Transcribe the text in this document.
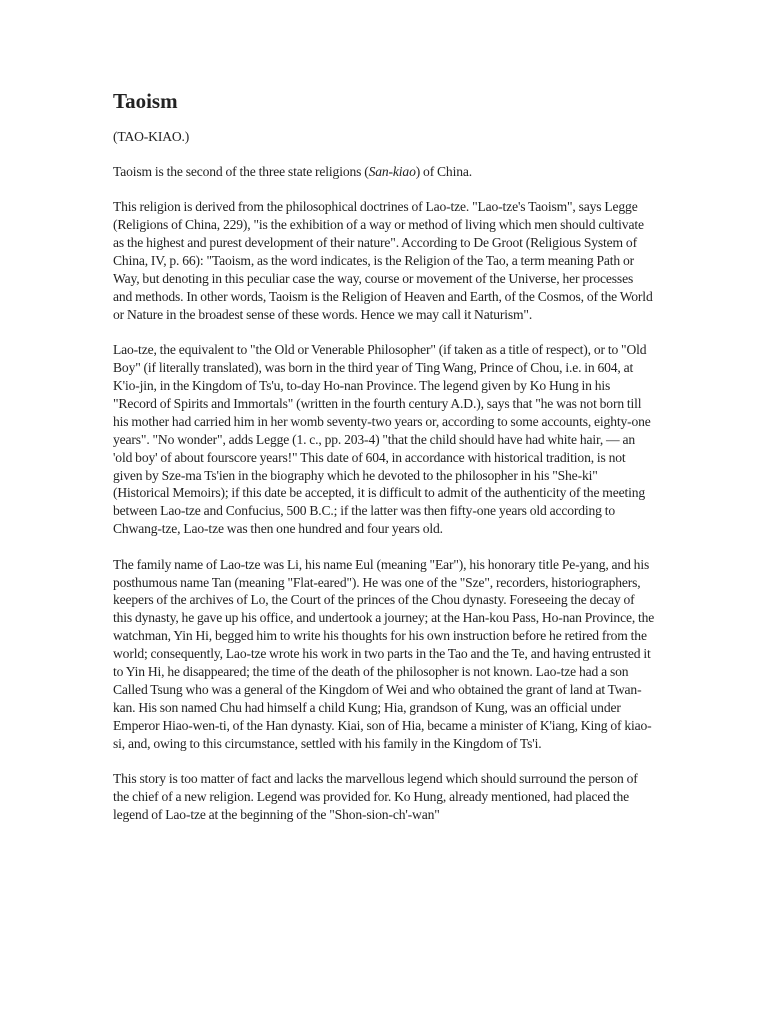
Taoism

(TAO-KIAO.)

Taoism is the second of the three state religions (San-kiao) of China.

This religion is derived from the philosophical doctrines of Lao-tze. "Lao-tze's Taoism", says Legge (Religions of China, 229), "is the exhibition of a way or method of living which men should cultivate as the highest and purest development of their nature". According to De Groot (Religious System of China, IV, p. 66): "Taoism, as the word indicates, is the Religion of the Tao, a term meaning Path or Way, but denoting in this peculiar case the way, course or movement of the Universe, her processes and methods. In other words, Taoism is the Religion of Heaven and Earth, of the Cosmos, of the World or Nature in the broadest sense of these words. Hence we may call it Naturism".

Lao-tze, the equivalent to "the Old or Venerable Philosopher" (if taken as a title of respect), or to "Old Boy" (if literally translated), was born in the third year of Ting Wang, Prince of Chou, i.e. in 604, at K'io-jin, in the Kingdom of Ts'u, to-day Ho-nan Province. The legend given by Ko Hung in his "Record of Spirits and Immortals" (written in the fourth century A.D.), says that "he was not born till his mother had carried him in her womb seventy-two years or, according to some accounts, eighty-one years". "No wonder", adds Legge (1. c., pp. 203-4) "that the child should have had white hair, — an 'old boy' of about fourscore years!" This date of 604, in accordance with historical tradition, is not given by Sze-ma Ts'ien in the biography which he devoted to the philosopher in his "She-ki" (Historical Memoirs); if this date be accepted, it is difficult to admit of the authenticity of the meeting between Lao-tze and Confucius, 500 B.C.; if the latter was then fifty-one years old according to Chwang-tze, Lao-tze was then one hundred and four years old.

The family name of Lao-tze was Li, his name Eul (meaning "Ear"), his honorary title Pe-yang, and his posthumous name Tan (meaning "Flat-eared"). He was one of the "Sze", recorders, historiographers, keepers of the archives of Lo, the Court of the princes of the Chou dynasty. Foreseeing the decay of this dynasty, he gave up his office, and undertook a journey; at the Han-kou Pass, Ho-nan Province, the watchman, Yin Hi, begged him to write his thoughts for his own instruction before he retired from the world; consequently, Lao-tze wrote his work in two parts in the Tao and the Te, and having entrusted it to Yin Hi, he disappeared; the time of the death of the philosopher is not known. Lao-tze had a son Called Tsung who was a general of the Kingdom of Wei and who obtained the grant of land at Twan-kan. His son named Chu had himself a child Kung; Hia, grandson of Kung, was an official under Emperor Hiao-wen-ti, of the Han dynasty. Kiai, son of Hia, became a minister of K'iang, King of kiao-si, and, owing to this circumstance, settled with his family in the Kingdom of Ts'i.

This story is too matter of fact and lacks the marvellous legend which should surround the person of the chief of a new religion. Legend was provided for. Ko Hung, already mentioned, had placed the legend of Lao-tze at the beginning of the "Shon-sion-ch'-wan"
